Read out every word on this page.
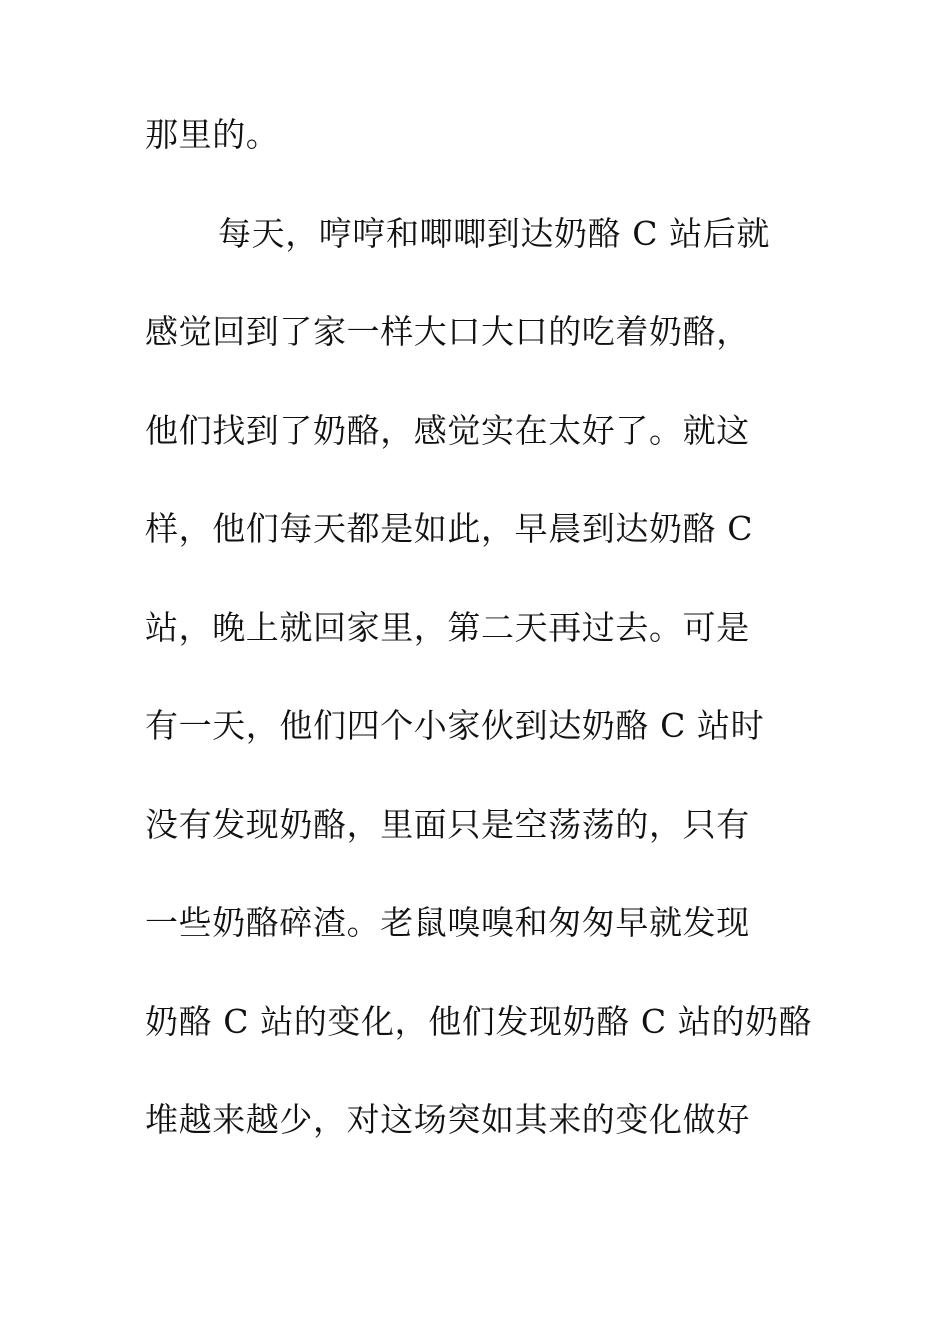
那里的。
每天，哼哼和唧唧到达奶酪 C 站后就
感觉回到了家一样大口大口的吃着奶酪，
他们找到了奶酪，感觉实在太好了。就这
样，他们每天都是如此，早晨到达奶酪 C
站，晚上就回家里，第二天再过去。可是
有一天，他们四个小家伙到达奶酪 C 站时
没有发现奶酪，里面只是空荡荡的，只有
一些奶酪碎渣。老鼠嗅嗅和匆匆早就发现
奶酪 C 站的变化，他们发现奶酪 C 站的奶酪
堆越来越少，对这场突如其来的变化做好
